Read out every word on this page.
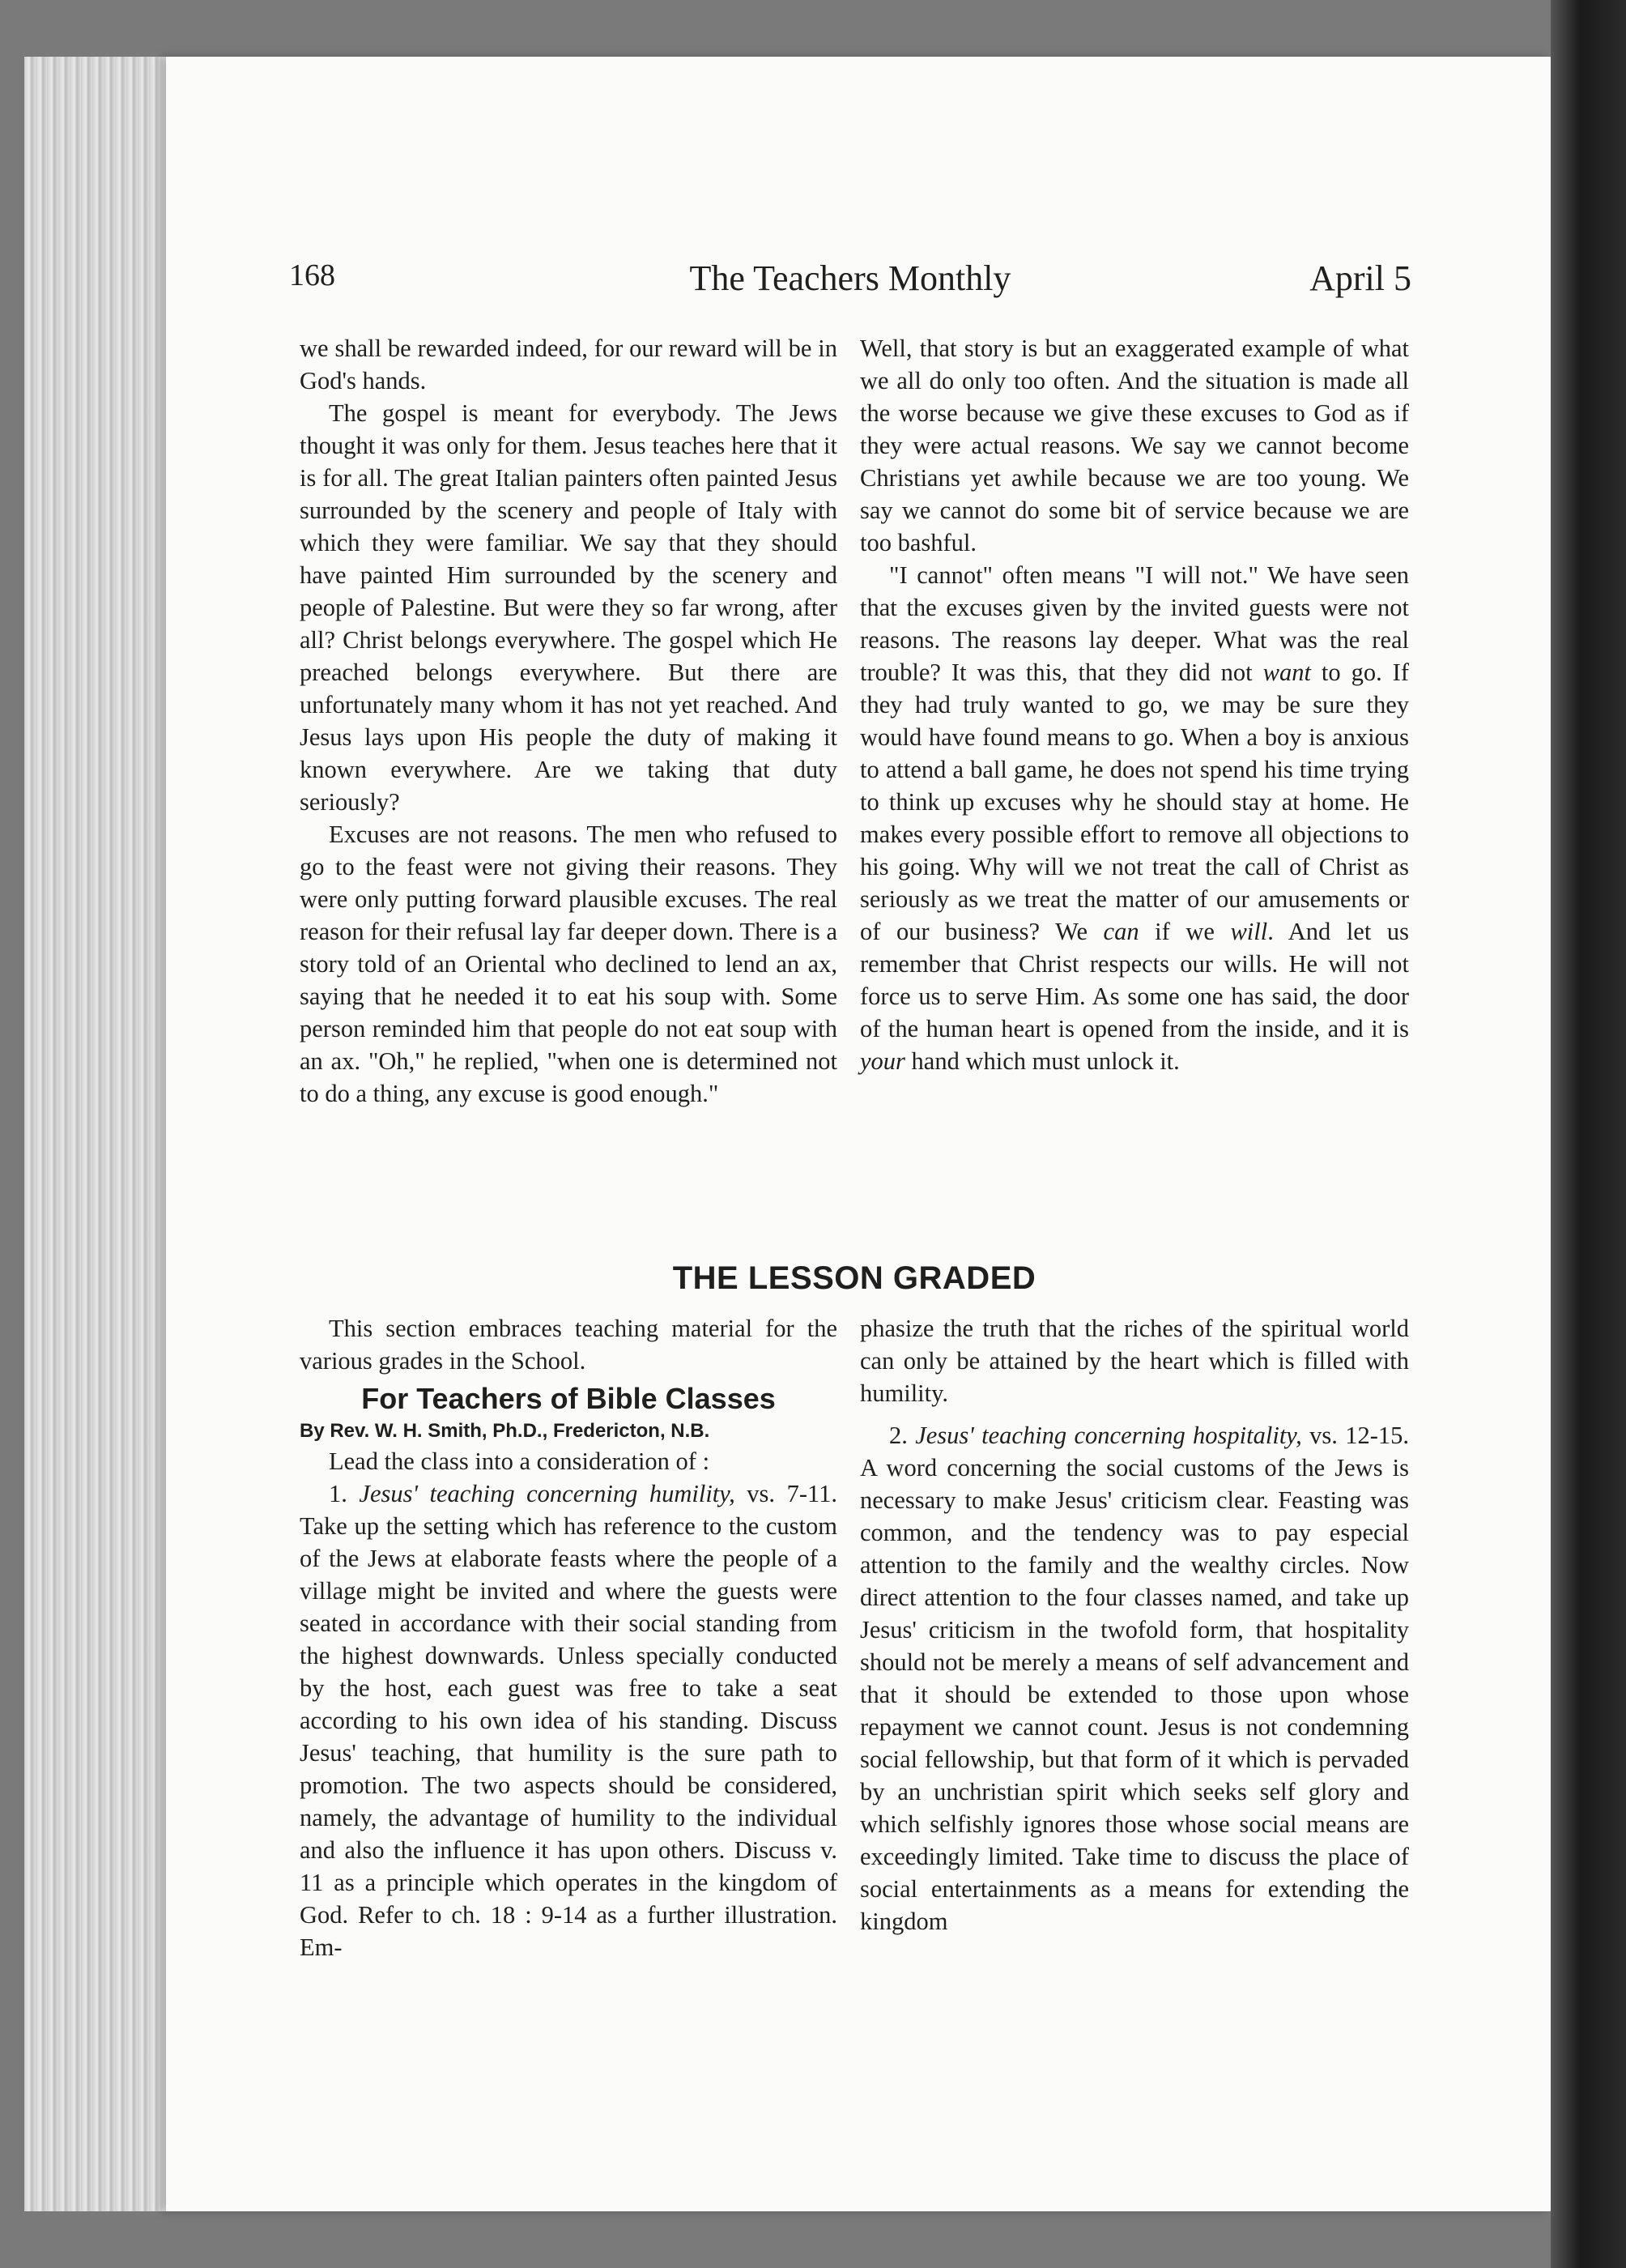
168	The Teachers Monthly	April 5

we shall be rewarded indeed, for our reward will be in God's hands.

The gospel is meant for everybody. The Jews thought it was only for them. Jesus teaches here that it is for all. The great Italian painters often painted Jesus surrounded by the scenery and people of Italy with which they were familiar. We say that they should have painted Him surrounded by the scenery and people of Palestine. But were they so far wrong, after all? Christ belongs everywhere. The gospel which He preached belongs everywhere. But there are unfortunately many whom it has not yet reached. And Jesus lays upon His people the duty of making it known everywhere. Are we taking that duty seriously?

Excuses are not reasons. The men who refused to go to the feast were not giving their reasons. They were only putting forward plausible excuses. The real reason for their refusal lay far deeper down. There is a story told of an Oriental who declined to lend an ax, saying that he needed it to eat his soup with. Some person reminded him that people do not eat soup with an ax. "Oh," he replied, "when one is determined not to do a thing, any excuse is good enough."

Well, that story is but an exaggerated example of what we all do only too often. And the situation is made all the worse because we give these excuses to God as if they were actual reasons. We say we cannot become Christians yet awhile because we are too young. We say we cannot do some bit of service because we are too bashful.

"I cannot" often means "I will not." We have seen that the excuses given by the invited guests were not reasons. The reasons lay deeper. What was the real trouble? It was this, that they did not want to go. If they had truly wanted to go, we may be sure they would have found means to go. When a boy is anxious to attend a ball game, he does not spend his time trying to think up excuses why he should stay at home. He makes every possible effort to remove all objections to his going. Why will we not treat the call of Christ as seriously as we treat the matter of our amusements or of our business? We can if we will. And let us remember that Christ respects our wills. He will not force us to serve Him. As some one has said, the door of the human heart is opened from the inside, and it is your hand which must unlock it.

THE LESSON GRADED

This section embraces teaching material for the various grades in the School.

For Teachers of Bible Classes
By Rev. W. H. Smith, Ph.D., Fredericton, N.B.

Lead the class into a consideration of :

1. Jesus' teaching concerning humility, vs. 7-11. Take up the setting which has reference to the custom of the Jews at elaborate feasts where the people of a village might be invited and where the guests were seated in accordance with their social standing from the highest downwards. Unless specially conducted by the host, each guest was free to take a seat according to his own idea of his standing. Discuss Jesus' teaching, that humility is the sure path to promotion. The two aspects should be considered, namely, the advantage of humility to the individual and also the influence it has upon others. Discuss v. 11 as a principle which operates in the kingdom of God. Refer to ch. 18 : 9-14 as a further illustration. Em-

phasize the truth that the riches of the spiritual world can only be attained by the heart which is filled with humility.

2. Jesus' teaching concerning hospitality, vs. 12-15. A word concerning the social customs of the Jews is necessary to make Jesus' criticism clear. Feasting was common, and the tendency was to pay especial attention to the family and the wealthy circles. Now direct attention to the four classes named, and take up Jesus' criticism in the twofold form, that hospitality should not be merely a means of self advancement and that it should be extended to those upon whose repayment we cannot count. Jesus is not condemning social fellowship, but that form of it which is pervaded by an unchristian spirit which seeks self glory and which selfishly ignores those whose social means are exceedingly limited. Take time to discuss the place of social entertainments as a means for extending the kingdom
